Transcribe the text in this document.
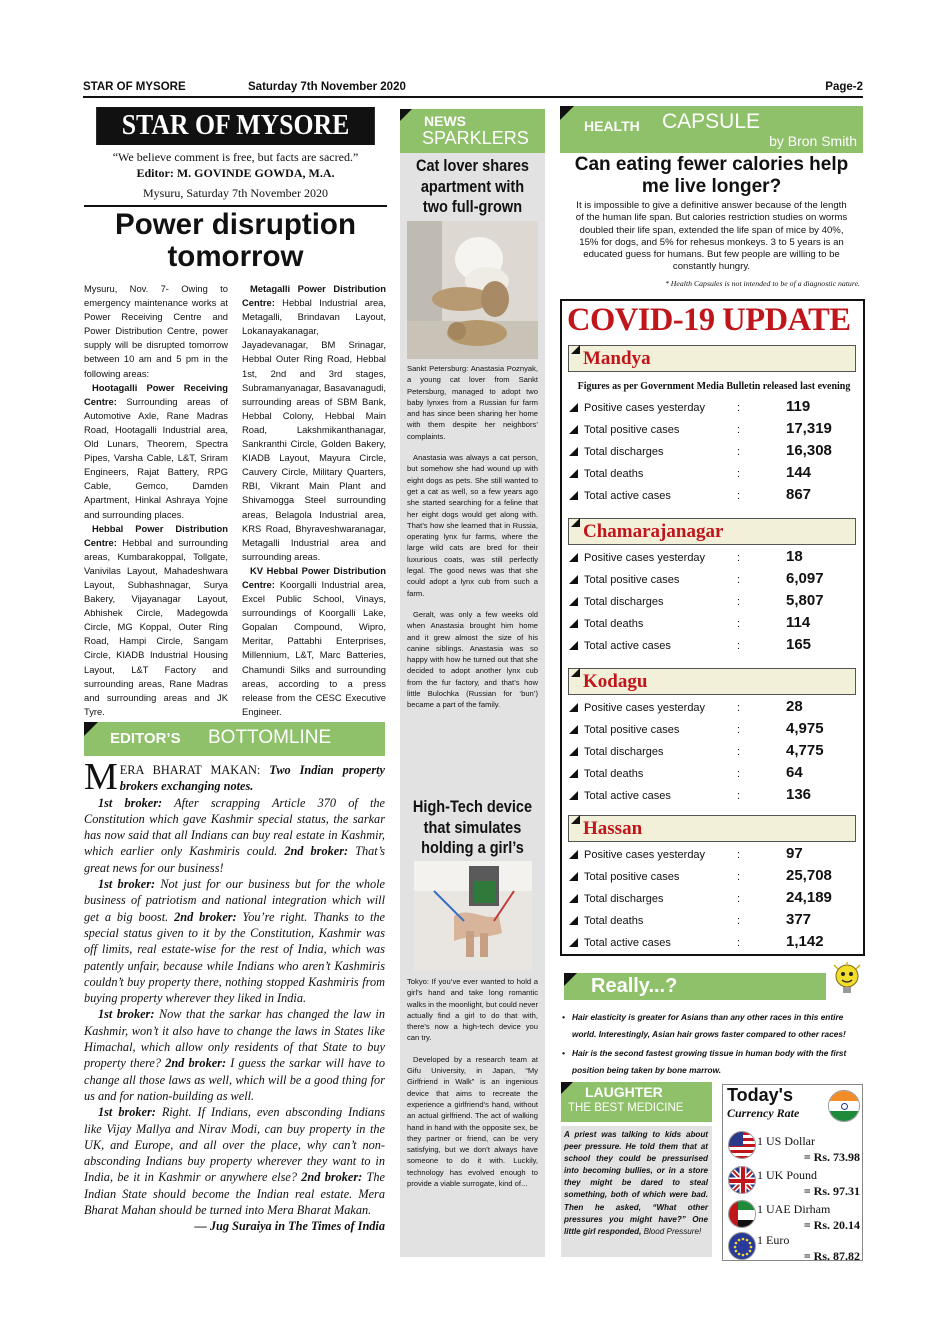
STAR OF MYSORE	Saturday 7th November 2020	Page-2
STAR OF MYSORE
“We believe comment is free, but facts are sacred.”
Editor: M. GOVINDE GOWDA, M.A.
Mysuru, Saturday 7th November 2020
Power disruption tomorrow

Mysuru, Nov. 7- Owing to emergency maintenance works at Power Receiving Centre and Power Distribution Centre, power supply will be disrupted tomorrow between 10 am and 5 pm in the following areas:

Hootagalli Power Receiving Centre: Surrounding areas of Automotive Axle, Rane Madras Road, Hootagalli Industrial area, Old Lunars, Theorem, Spectra Pipes, Varsha Cable, L&T, Sriram Engineers, Rajat Battery, RPG Cable, Gemco, Damden Apartment, Hinkal Ashraya Yojne and surrounding places.

Hebbal Power Distribution Centre: Hebbal and surrounding areas, Kumbarakoppal, Tollgate, Vanivilas Layout, Mahadeshwara Layout, Subhashnagar, Surya Bakery, Vijayanagar Layout, Abhishek Circle, Madegowda Circle, MG Koppal, Outer Ring Road, Hampi Circle, Sangam Circle, KIADB Industrial Housing Layout, L&T Factory and surrounding areas, Rane Madras and surrounding areas and JK Tyre.

Metagalli Power Distribution Centre: Hebbal Industrial area, Metagalli, Brindavan Layout, Lokanayakanagar, Jayadevanagar, BM Srinagar, Hebbal Outer Ring Road, Hebbal 1st, 2nd and 3rd stages, Subramanyanagar, Basavanagudi, surrounding areas of SBM Bank, Hebbal Colony, Hebbal Main Road, Lakshmikanthanagar, Sankranthi Circle, Golden Bakery, KIADB Layout, Mayura Circle, Cauvery Circle, Military Quarters, RBI, Vikrant Main Plant and Shivamogga Steel surrounding areas, Belagola Industrial area, KRS Road, Bhyraveshwaranagar, Metagalli Industrial area and surrounding areas.

KV Hebbal Power Distribution Centre: Koorgalli Industrial area, Excel Public School, Vinays, surroundings of Koorgalli Lake, Gopalan Compound, Wipro, Meritar, Pattabhi Enterprises, Millennium, L&T, Marc Batteries, Chamundi Silks and surrounding areas, according to a press release from the CESC Executive Engineer.

EDITOR’S BOTTOMLINE

MERA BHARAT MAKAN: Two Indian property brokers exchanging notes.

1st broker: After scrapping Article 370 of the Constitution which gave Kashmir special status, the sarkar has now said that all Indians can buy real estate in Kashmir, which earlier only Kashmiris could. 2nd broker: That’s great news for our business!

1st broker: Not just for our business but for the whole business of patriotism and national integration which will get a big boost. 2nd broker: You’re right. Thanks to the special status given to it by the Constitution, Kashmir was off limits, real estate-wise for the rest of India, which was patently unfair, because while Indians who aren’t Kashmiris couldn’t buy property there, nothing stopped Kashmiris from buying property wherever they liked in India.

1st broker: Now that the sarkar has changed the law in Kashmir, won’t it also have to change the laws in States like Himachal, which allow only residents of that State to buy property there? 2nd broker: I guess the sarkar will have to change all those laws as well, which will be a good thing for us and for nation-building as well.

1st broker: Right. If Indians, even absconding Indians like Vijay Mallya and Nirav Modi, can buy property in the UK, and Europe, and all over the place, why can’t non-absconding Indians buy property wherever they want to in India, be it in Kashmir or anywhere else? 2nd broker: The Indian State should become the Indian real estate. Mera Bharat Mahan should be turned into Mera Bharat Makan.

— Jug Suraiya in The Times of India

NEWS
SPARKLERS
Cat lover shares apartment with two full-grown

Sankt Petersburg: Anastasia Poznyak, a young cat lover from Sankt Petersburg, managed to adopt two baby lynxes from a Russian fur farm and has since been sharing her home with them despite her neighbors’ complaints.

Anastasia was always a cat person, but somehow she had wound up with eight dogs as pets. She still wanted to get a cat as well, so a few years ago she started searching for a feline that her eight dogs would get along with. That’s how she learned that in Russia, operating lynx fur farms, where the large wild cats are bred for their luxurious coats, was still perfectly legal. The good news was that she could adopt a lynx cub from such a farm.

Geralt, was only a few weeks old when Anastasia brought him home and it grew almost the size of his canine siblings. Anastasia was so happy with how he turned out that she decided to adopt another lynx cub from the fur factory, and that’s how little Bulochka (Russian for ‘bun’) became a part of the family.

High-Tech device that simulates holding a girl’s

Tokyo: If you’ve ever wanted to hold a girl’s hand and take long romantic walks in the moonlight, but could never actually find a girl to do that with, there’s now a high-tech device you can try.

Developed by a research team at Gifu University, in Japan, “My Girlfriend in Walk” is an ingenious device that aims to recreate the experience a girlfriend’s hand, without an actual girlfriend. The act of walking hand in hand with the opposite sex, be they partner or friend, can be very satisfying, but we don’t always have someone to do it with. Luckily, technology has evolved enough to provide a viable surrogate, kind of...

HEALTH CAPSULE
by Bron Smith
Can eating fewer calories help me live longer?
It is impossible to give a definitive answer because of the length of the human life span. But calories restriction studies on worms doubled their life span, extended the life span of mice by 40%, 15% for dogs, and 5% for rehesus monkeys. 3 to 5 years is an educated guess for humans. But few people are willing to be constantly hungry.
* Health Capsules is not intended to be of a diagnostic nature.
COVID-19 UPDATE
Mandya
Figures as per Government Media Bulletin released last evening
Positive cases yesterday	:	119
Total positive cases	:	17,319
Total discharges	:	16,308
Total deaths	:	144
Total active cases	:	867
Chamarajanagar
Positive cases yesterday	:	18
Total positive cases	:	6,097
Total discharges	:	5,807
Total deaths	:	114
Total active cases	:	165
Kodagu
Positive cases yesterday	:	28
Total positive cases	:	4,975
Total discharges	:	4,775
Total deaths	:	64
Total active cases	:	136
Hassan
Positive cases yesterday	:	97
Total positive cases	:	25,708
Total discharges	:	24,189
Total deaths	:	377
Total active cases	:	1,142
Really...?

• Hair elasticity is greater for Asians than any other races in this entire world. Interestingly, Asian hair grows faster compared to other races!

• Hair is the second fastest growing tissue in human body with the first position being taken by bone marrow.

LAUGHTER
THE BEST MEDICINE
A priest was talking to kids about peer pressure. He told them that at school they could be pressurised into becoming bullies, or in a store they might be dared to steal something, both of which were bad. Then he asked, “What other pressures you might have?” One little girl responded, Blood Pressure!
Today's
Currency Rate
1 US Dollar
= Rs. 73.98
1 UK Pound
= Rs. 97.31
1 UAE Dirham
= Rs. 20.14
1 Euro
= Rs. 87.82
